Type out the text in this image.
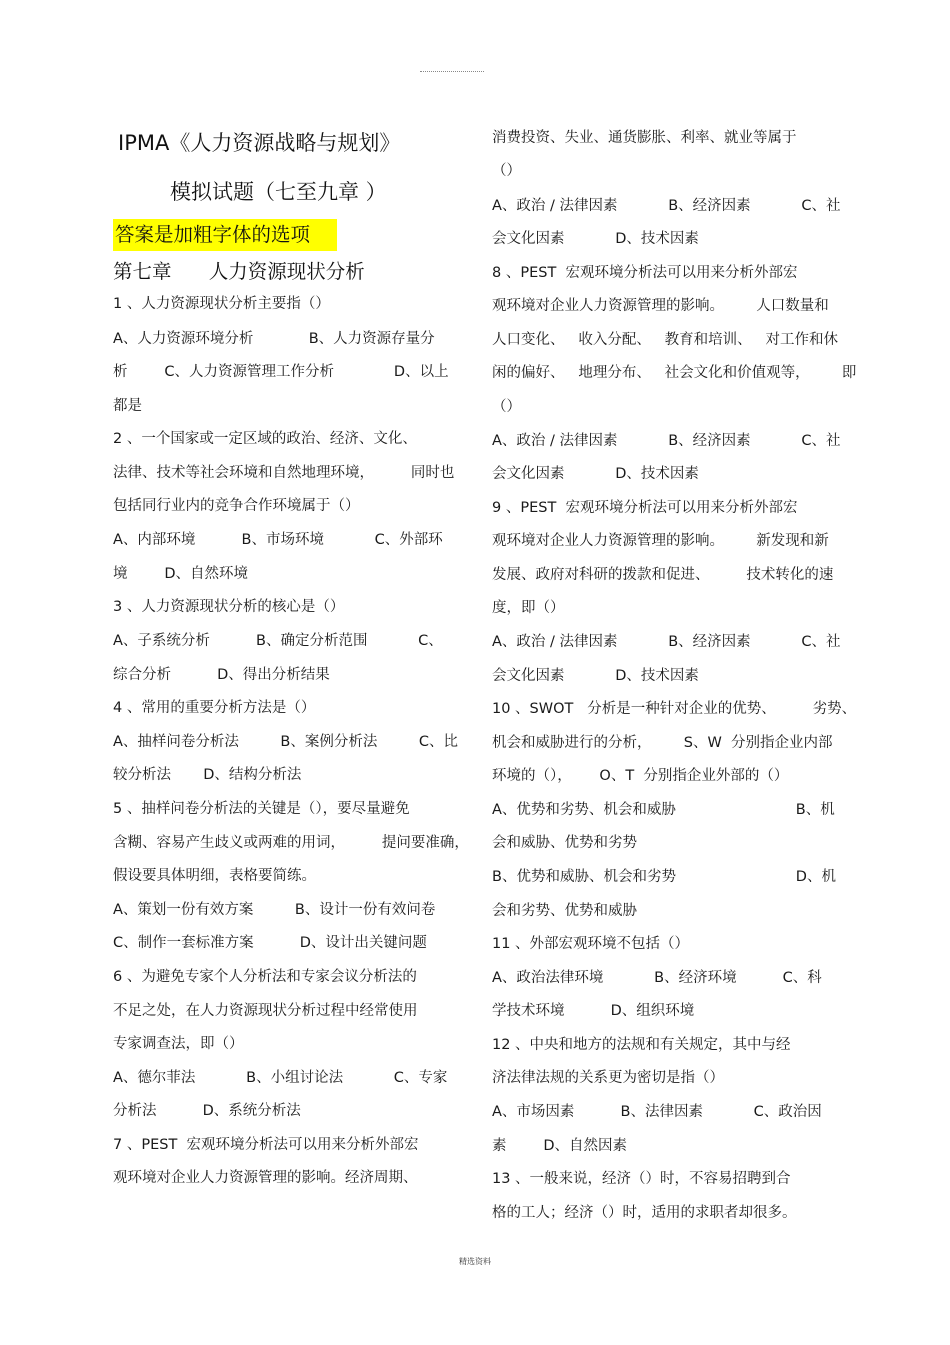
IPMA《人力资源战略与规划》
模拟试题（七至九章 ）
答案是加粗字体的选项
第七章      人力资源现状分析
1 、人力资源现状分析主要指（）
A、人力资源环境分析            B、人力资源存量分
析        C、人力资源管理工作分析             D、以上
都是
2 、一个国家或一定区域的政治、经济、文化、
法律、技术等社会环境和自然地理环境，        同时也
包括同行业内的竞争合作环境属于（）
A、内部环境          B、市场环境           C、外部环
境        D、自然环境
3 、人力资源现状分析的核心是（）
A、子系统分析          B、确定分析范围           C、
综合分析          D、得出分析结果
4 、常用的重要分析方法是（）
A、抽样问卷分析法         B、案例分析法         C、比
较分析法       D、结构分析法
5 、抽样问卷分析法的关键是（），要尽量避免
含糊、容易产生歧义或两难的用词，        提问要准确，
假设要具体明细，表格要简练。
A、策划一份有效方案         B、设计一份有效问卷
C、制作一套标准方案          D、设计出关键问题
6 、为避免专家个人分析法和专家会议分析法的
不足之处，在人力资源现状分析过程中经常使用
专家调查法，即（）
A、德尔菲法           B、小组讨论法           C、专家
分析法          D、系统分析法
7 、PEST  宏观环境分析法可以用来分析外部宏
观环境对企业人力资源管理的影响。经济周期、
消费投资、失业、通货膨胀、利率、就业等属于
（）
A、政治 / 法律因素           B、经济因素           C、社
会文化因素           D、技术因素
8 、PEST  宏观环境分析法可以用来分析外部宏
观环境对企业人力资源管理的影响。       人口数量和
人口变化、   收入分配、   教育和培训、   对工作和休
闲的偏好、   地理分布、   社会文化和价值观等，       即
（）
A、政治 / 法律因素           B、经济因素           C、社
会文化因素           D、技术因素
9 、PEST  宏观环境分析法可以用来分析外部宏
观环境对企业人力资源管理的影响。       新发现和新
发展、政府对科研的拨款和促进、        技术转化的速
度，即（）
A、政治 / 法律因素           B、经济因素           C、社
会文化因素           D、技术因素
10 、SWOT   分析是一种针对企业的优势、        劣势、
机会和威胁进行的分析，       S、W  分别指企业内部
环境的（），      O、T  分别指企业外部的（）
A、优势和劣势、机会和威胁                          B、机
会和威胁、优势和劣势
B、优势和威胁、机会和劣势                          D、机
会和劣势、优势和威胁
11 、外部宏观环境不包括（）
A、政治法律环境           B、经济环境          C、科
学技术环境          D、组织环境
12 、中央和地方的法规和有关规定，其中与经
济法律法规的关系更为密切是指（）
A、市场因素          B、法律因素           C、政治因
素        D、自然因素
13 、一般来说，经济（）时，不容易招聘到合
格的工人；经济（）时，适用的求职者却很多。
精选资料
